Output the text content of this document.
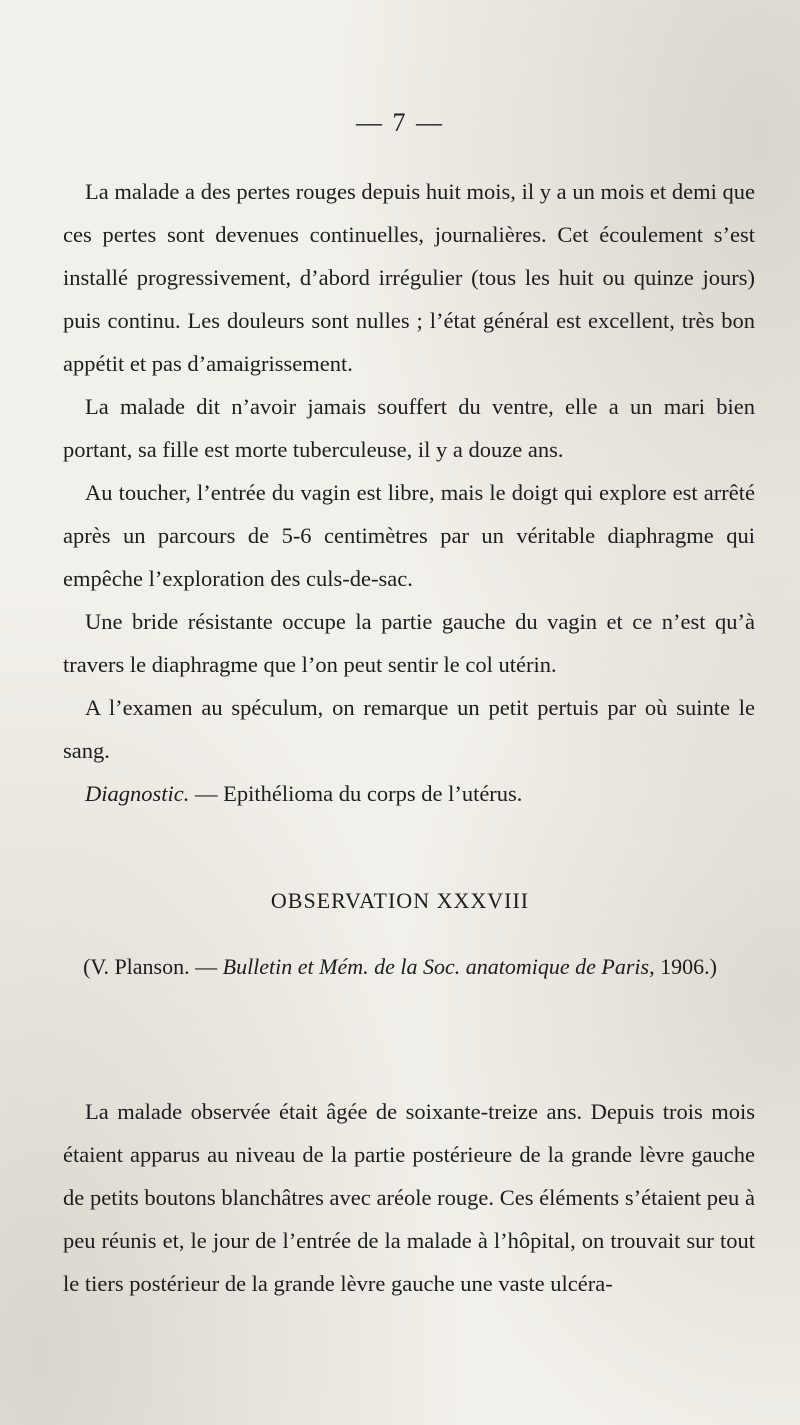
— 7 —

La malade a des pertes rouges depuis huit mois, il y a un mois et demi que ces pertes sont devenues continuelles, journalières. Cet écoulement s’est installé progressivement, d’abord irrégulier (tous les huit ou quinze jours) puis continu. Les douleurs sont nulles ; l’état général est excellent, très bon appétit et pas d’amaigrissement.

La malade dit n’avoir jamais souffert du ventre, elle a un mari bien portant, sa fille est morte tuberculeuse, il y a douze ans.

Au toucher, l’entrée du vagin est libre, mais le doigt qui explore est arrêté après un parcours de 5-6 centimètres par un véritable diaphragme qui empêche l’exploration des culs-de-sac.

Une bride résistante occupe la partie gauche du vagin et ce n’est qu’à travers le diaphragme que l’on peut sentir le col utérin.

A l’examen au spéculum, on remarque un petit pertuis par où suinte le sang.

Diagnostic. — Epithélioma du corps de l’utérus.

OBSERVATION XXXVIII
(V. Planson. — Bulletin et Mém. de la Soc. anatomique de Paris, 1906.)

La malade observée était âgée de soixante-treize ans. Depuis trois mois étaient apparus au niveau de la partie postérieure de la grande lèvre gauche de petits boutons blanchâtres avec aréole rouge. Ces éléments s’étaient peu à peu réunis et, le jour de l’entrée de la malade à l’hôpital, on trouvait sur tout le tiers postérieur de la grande lèvre gauche une vaste ulcéra-
